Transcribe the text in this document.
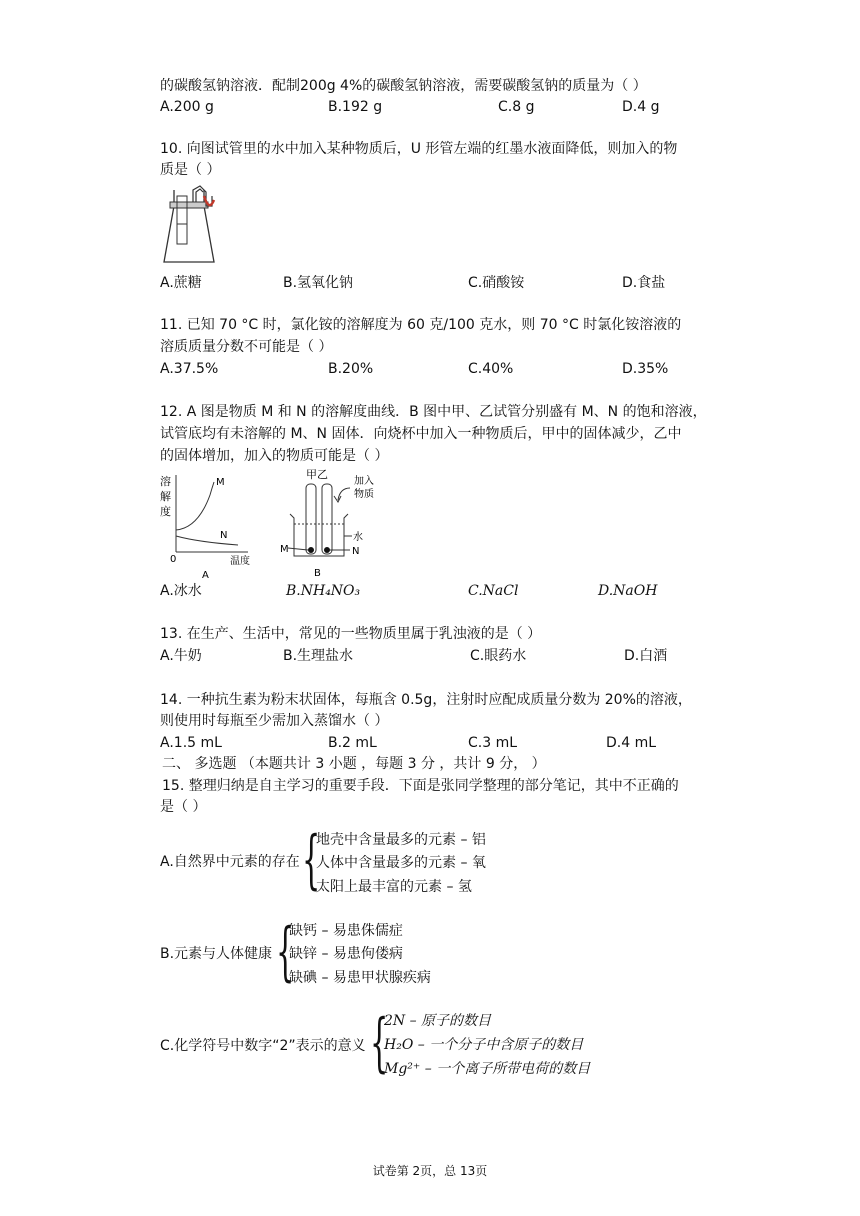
的碳酸氢钠溶液．配制200g 4%的碳酸氢钠溶液，需要碳酸氢钠的质量为（ ）
A.200 g	B.192 g	C.8 g	D.4 g
10. 向图试管里的水中加入某种物质后，U 形管左端的红墨水液面降低，则加入的物
质是（ ）
A.蔗糖	B.氢氧化钠	C.硝酸铵	D.食盐
11. 已知 70 °C 时，氯化铵的溶解度为 60 克/100 克水，则 70 °C 时氯化铵溶液的
溶质质量分数不可能是（ ）
A.37.5%	B.20%	C.40%	D.35%
12. A 图是物质 M 和 N 的溶解度曲线．B 图中甲、乙试管分别盛有 M、N 的饱和溶液，
试管底均有未溶解的 M、N 固体．向烧杯中加入一种物质后，甲中的固体减少，乙中
的固体增加，加入的物质可能是（ ）
溶
解
度
M
N
0	温度
A
甲乙
加入
物质
水
M	N
B
A.冰水	B.NH₄NO₃	C.NaCl	D.NaOH
13. 在生产、生活中，常见的一些物质里属于乳浊液的是（ ）
A.牛奶	B.生理盐水	C.眼药水	D.白酒
14. 一种抗生素为粉末状固体，每瓶含 0.5g，注射时应配成质量分数为 20%的溶液，
则使用时每瓶至少需加入蒸馏水（ ）
A.1.5 mL	B.2 mL	C.3 mL	D.4 mL
二、 多选题 （本题共计 3 小题 ，每题 3 分 ，共计 9 分， ）
15. 整理归纳是自主学习的重要手段．下面是张同学整理的部分笔记，其中不正确的
是（ ）
A.自然界中元素的存在 {
地壳中含量最多的元素 – 铝
人体中含量最多的元素 – 氧
太阳上最丰富的元素 – 氢
B.元素与人体健康 {
缺钙 – 易患侏儒症
缺锌 – 易患佝偻病
缺碘 – 易患甲状腺疾病
C.化学符号中数字“2”表示的意义 {
2N – 原子的数目
H₂O – 一个分子中含原子的数目
Mg²⁺ – 一个离子所带电荷的数目
试卷第 2页，总 13页
